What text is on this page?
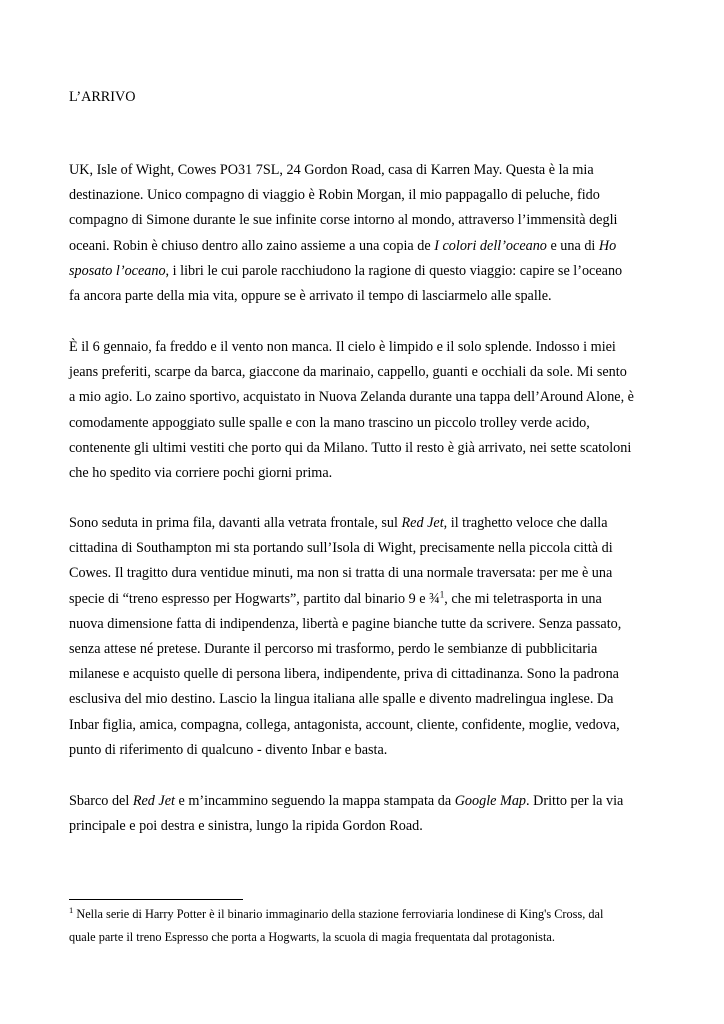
L’ARRIVO
UK, Isle of Wight, Cowes PO31 7SL, 24 Gordon Road, casa di Karren May. Questa è la mia
destinazione. Unico compagno di viaggio è Robin Morgan, il mio pappagallo di peluche, fido
compagno di Simone durante le sue infinite corse intorno al mondo, attraverso l’immensità degli
oceani. Robin è chiuso dentro allo zaino assieme a una copia de I colori dell’oceano e una di Ho
sposato l’oceano, i libri le cui parole racchiudono la ragione di questo viaggio: capire se l’oceano
fa ancora parte della mia vita, oppure se è arrivato il tempo di lasciarmelo alle spalle.
È il 6 gennaio, fa freddo e il vento non manca. Il cielo è limpido e il solo splende. Indosso i miei
jeans preferiti, scarpe da barca, giaccone da marinaio, cappello, guanti e occhiali da sole. Mi sento
a mio agio. Lo zaino sportivo, acquistato in Nuova Zelanda durante una tappa dell’Around Alone, è
comodamente appoggiato sulle spalle e con la mano trascino un piccolo trolley verde acido,
contenente gli ultimi vestiti che porto qui da Milano. Tutto il resto è già arrivato, nei sette scatoloni
che ho spedito via corriere pochi giorni prima.
Sono seduta in prima fila, davanti alla vetrata frontale, sul Red Jet, il traghetto veloce che dalla
cittadina di Southampton mi sta portando sull’Isola di Wight, precisamente nella piccola città di
Cowes. Il tragitto dura ventidue minuti, ma non si tratta di una normale traversata: per me è una
specie di “treno espresso per Hogwarts”, partito dal binario 9 e ¾$^1$, che mi teletrasporta in una
nuova dimensione fatta di indipendenza, libertà e pagine bianche tutte da scrivere. Senza passato,
senza attese né pretese. Durante il percorso mi trasformo, perdo le sembianze di pubblicitaria
milanese e acquisto quelle di persona libera, indipendente, priva di cittadinanza. Sono la padrona
esclusiva del mio destino. Lascio la lingua italiana alle spalle e divento madrelingua inglese. Da
Inbar figlia, amica, compagna, collega, antagonista, account, cliente, confidente, moglie, vedova,
punto di riferimento di qualcuno - divento Inbar e basta.
Sbarco del Red Jet e m’incammino seguendo la mappa stampata da Google Map. Dritto per la via
principale e poi destra e sinistra, lungo la ripida Gordon Road.
$^1$ Nella serie di Harry Potter è il binario immaginario della stazione ferroviaria londinese di King's Cross, dal
quale parte il treno Espresso che porta a Hogwarts, la scuola di magia frequentata dal protagonista.
